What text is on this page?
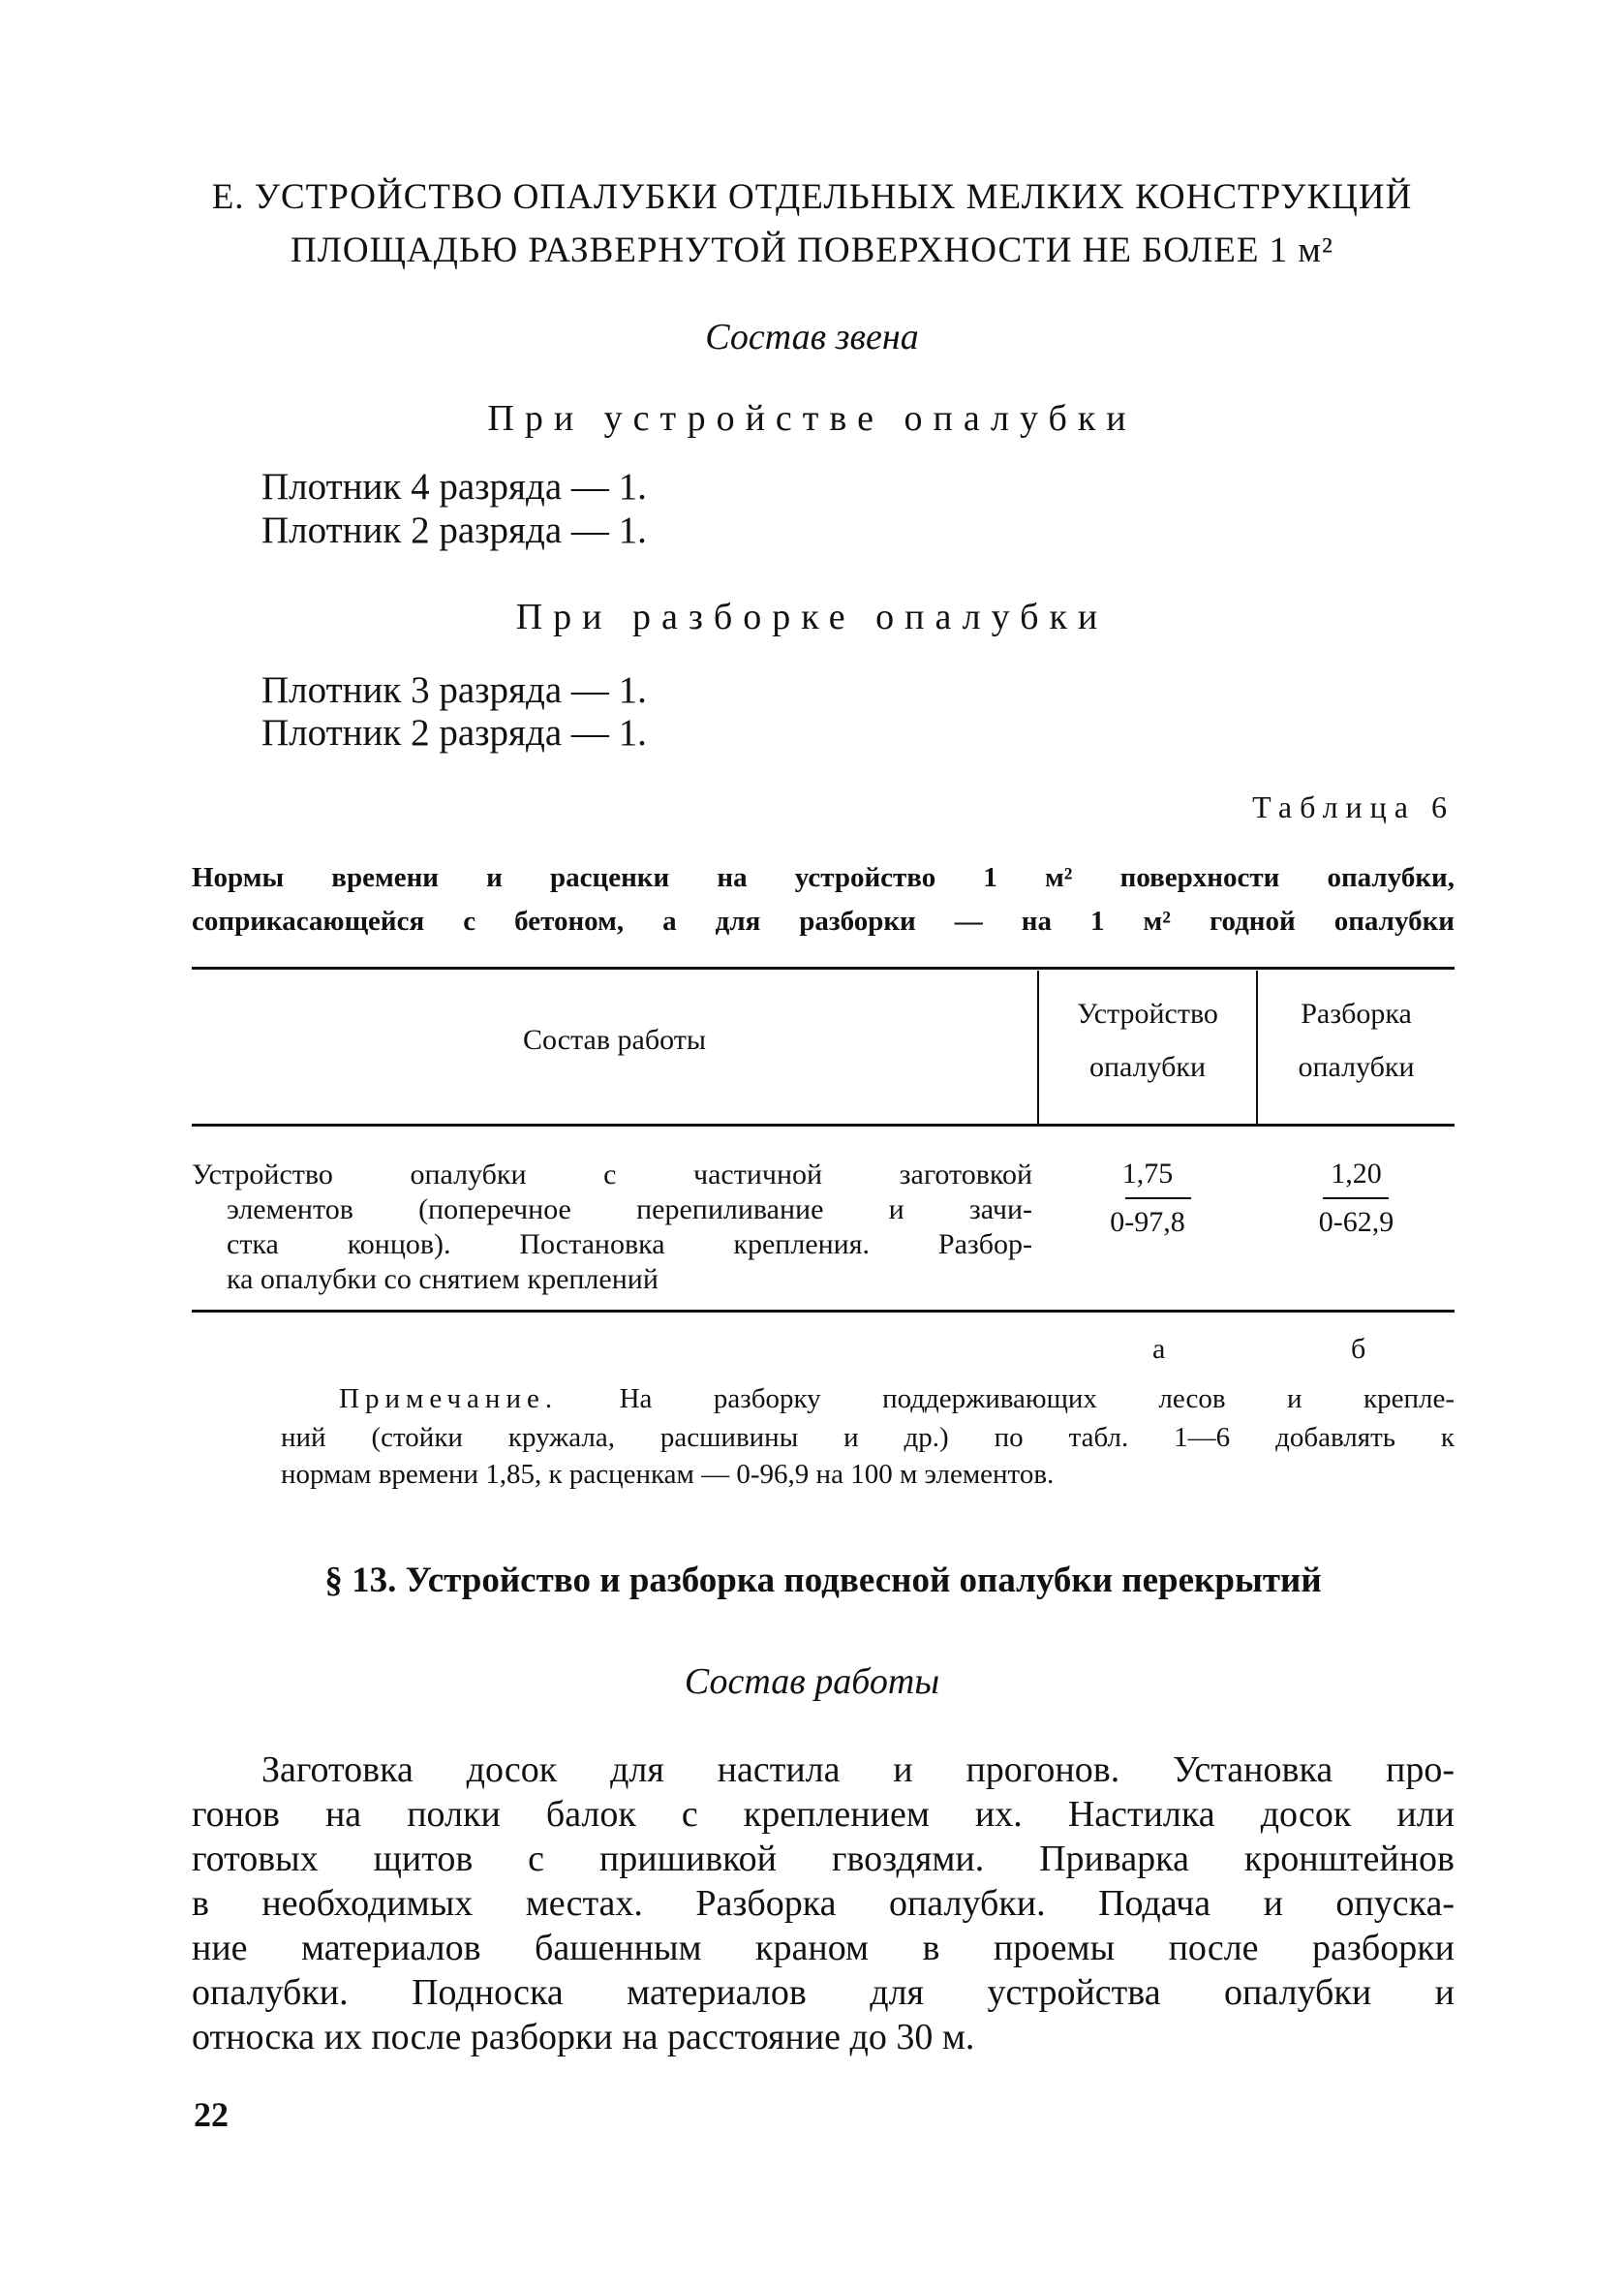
Е. УСТРОЙСТВО ОПАЛУБКИ ОТДЕЛЬНЫХ МЕЛКИХ КОНСТРУКЦИЙ
ПЛОЩАДЬЮ РАЗВЕРНУТОЙ ПОВЕРХНОСТИ НЕ БОЛЕЕ 1 м²
Состав звена
При устройстве опалубки
Плотник 4 разряда — 1.
Плотник 2 разряда — 1.
При разборке опалубки
Плотник 3 разряда — 1.
Плотник 2 разряда — 1.
Таблица 6
Нормы времени и расценки на устройство 1 м² поверхности опалубки,
соприкасающейся с бетоном, а для разборки — на 1 м² годной опалубки
Состав работы
Устройство
опалубки
Разборка
опалубки
Устройство опалубки с частичной заготовкой
элементов (поперечное перепиливание и зачи-
стка концов). Постановка крепления. Разбор-
ка опалубки со снятием креплений
1,75
0-97,8
1,20
0-62,9
а	б
Примечание. На разборку поддерживающих лесов и крепле-
ний (стойки кружала, расшивины и др.) по табл. 1—6 добавлять к
нормам времени 1,85, к расценкам — 0-96,9 на 100 м элементов.
§ 13. Устройство и разборка подвесной опалубки перекрытий
Состав работы
Заготовка досок для настила и прогонов. Установка про-
гонов на полки балок с креплением их. Настилка досок или
готовых щитов с пришивкой гвоздями. Приварка кронштейнов
в необходимых местах. Разборка опалубки. Подача и опуска-
ние материалов башенным краном в проемы после разборки
опалубки. Подноска материалов для устройства опалубки и
относка их после разборки на расстояние до 30 м.
22
